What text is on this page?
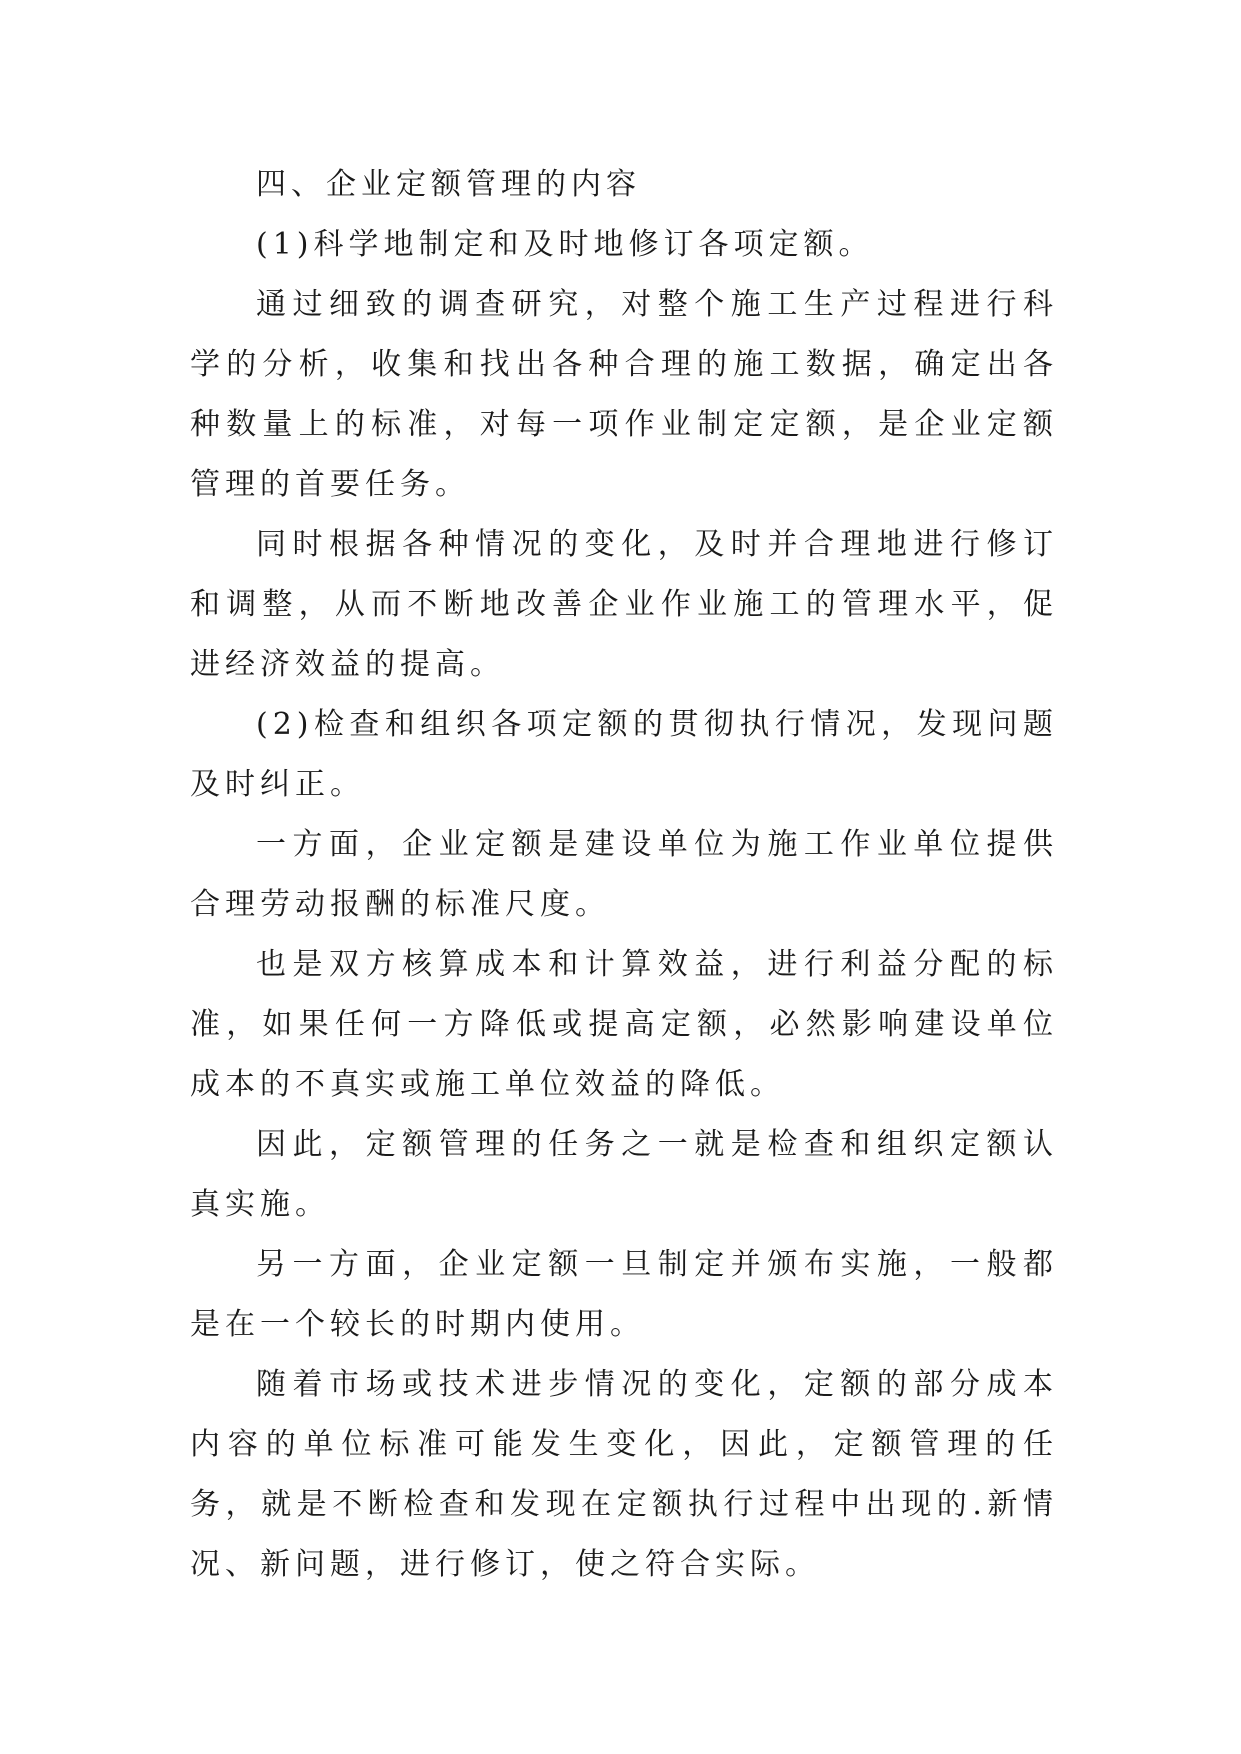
四、企业定额管理的内容

(1)科学地制定和及时地修订各项定额。

通过细致的调查研究，对整个施工生产过程进行科学的分析，收集和找出各种合理的施工数据，确定出各种数量上的标准，对每一项作业制定定额，是企业定额管理的首要任务。

同时根据各种情况的变化，及时并合理地进行修订和调整，从而不断地改善企业作业施工的管理水平，促进经济效益的提高。

(2)检查和组织各项定额的贯彻执行情况，发现问题及时纠正。

一方面，企业定额是建设单位为施工作业单位提供合理劳动报酬的标准尺度。

也是双方核算成本和计算效益，进行利益分配的标准，如果任何一方降低或提高定额，必然影响建设单位成本的不真实或施工单位效益的降低。

因此，定额管理的任务之一就是检查和组织定额认真实施。

另一方面，企业定额一旦制定并颁布实施，一般都是在一个较长的时期内使用。

随着市场或技术进步情况的变化，定额的部分成本内容的单位标准可能发生变化，因此，定额管理的任务，就是不断检查和发现在定额执行过程中出现的.新情况、新问题，进行修订，使之符合实际。
